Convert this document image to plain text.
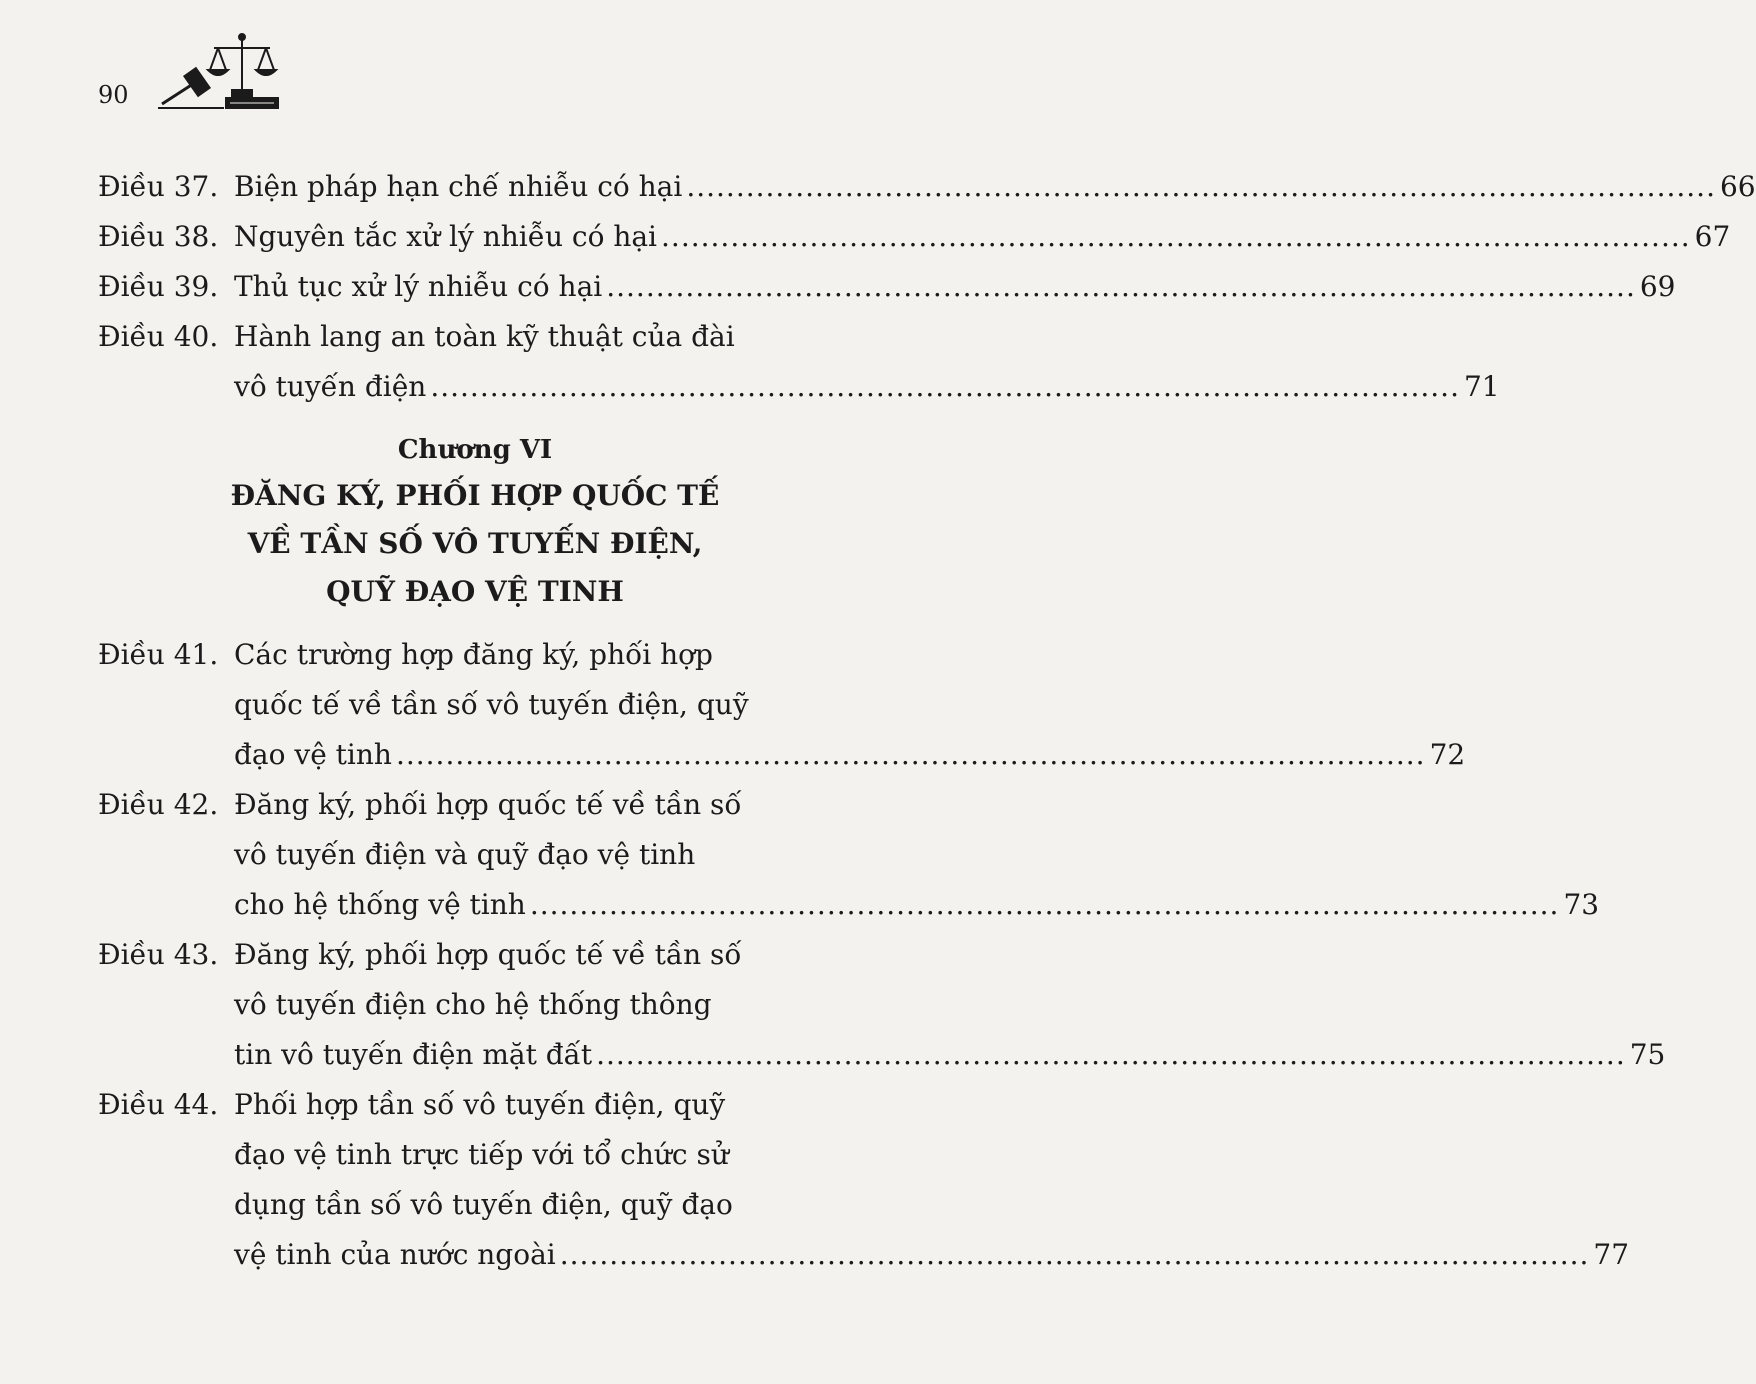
90
Điều 37. Biện pháp hạn chế nhiễu có hại ........................................................................................................ 66
Điều 38. Nguyên tắc xử lý nhiễu có hại ........................................................................................................ 67
Điều 39. Thủ tục xử lý nhiễu có hại ........................................................................................................ 69
Điều 40. Hành lang an toàn kỹ thuật của đài
vô tuyến điện ........................................................................................................ 71
Chương VI
ĐĂNG KÝ, PHỐI HỢP QUỐC TẾ
VỀ TẦN SỐ VÔ TUYẾN ĐIỆN,
QUỸ ĐẠO VỆ TINH
Điều 41. Các trường hợp đăng ký, phối hợp
quốc tế về tần số vô tuyến điện, quỹ
đạo vệ tinh ........................................................................................................ 72
Điều 42. Đăng ký, phối hợp quốc tế về tần số
vô tuyến điện và quỹ đạo vệ tinh
cho hệ thống vệ tinh ........................................................................................................ 73
Điều 43. Đăng ký, phối hợp quốc tế về tần số
vô tuyến điện cho hệ thống thông
tin vô tuyến điện mặt đất ........................................................................................................ 75
Điều 44. Phối hợp tần số vô tuyến điện, quỹ
đạo vệ tinh trực tiếp với tổ chức sử
dụng tần số vô tuyến điện, quỹ đạo
vệ tinh của nước ngoài ........................................................................................................ 77
